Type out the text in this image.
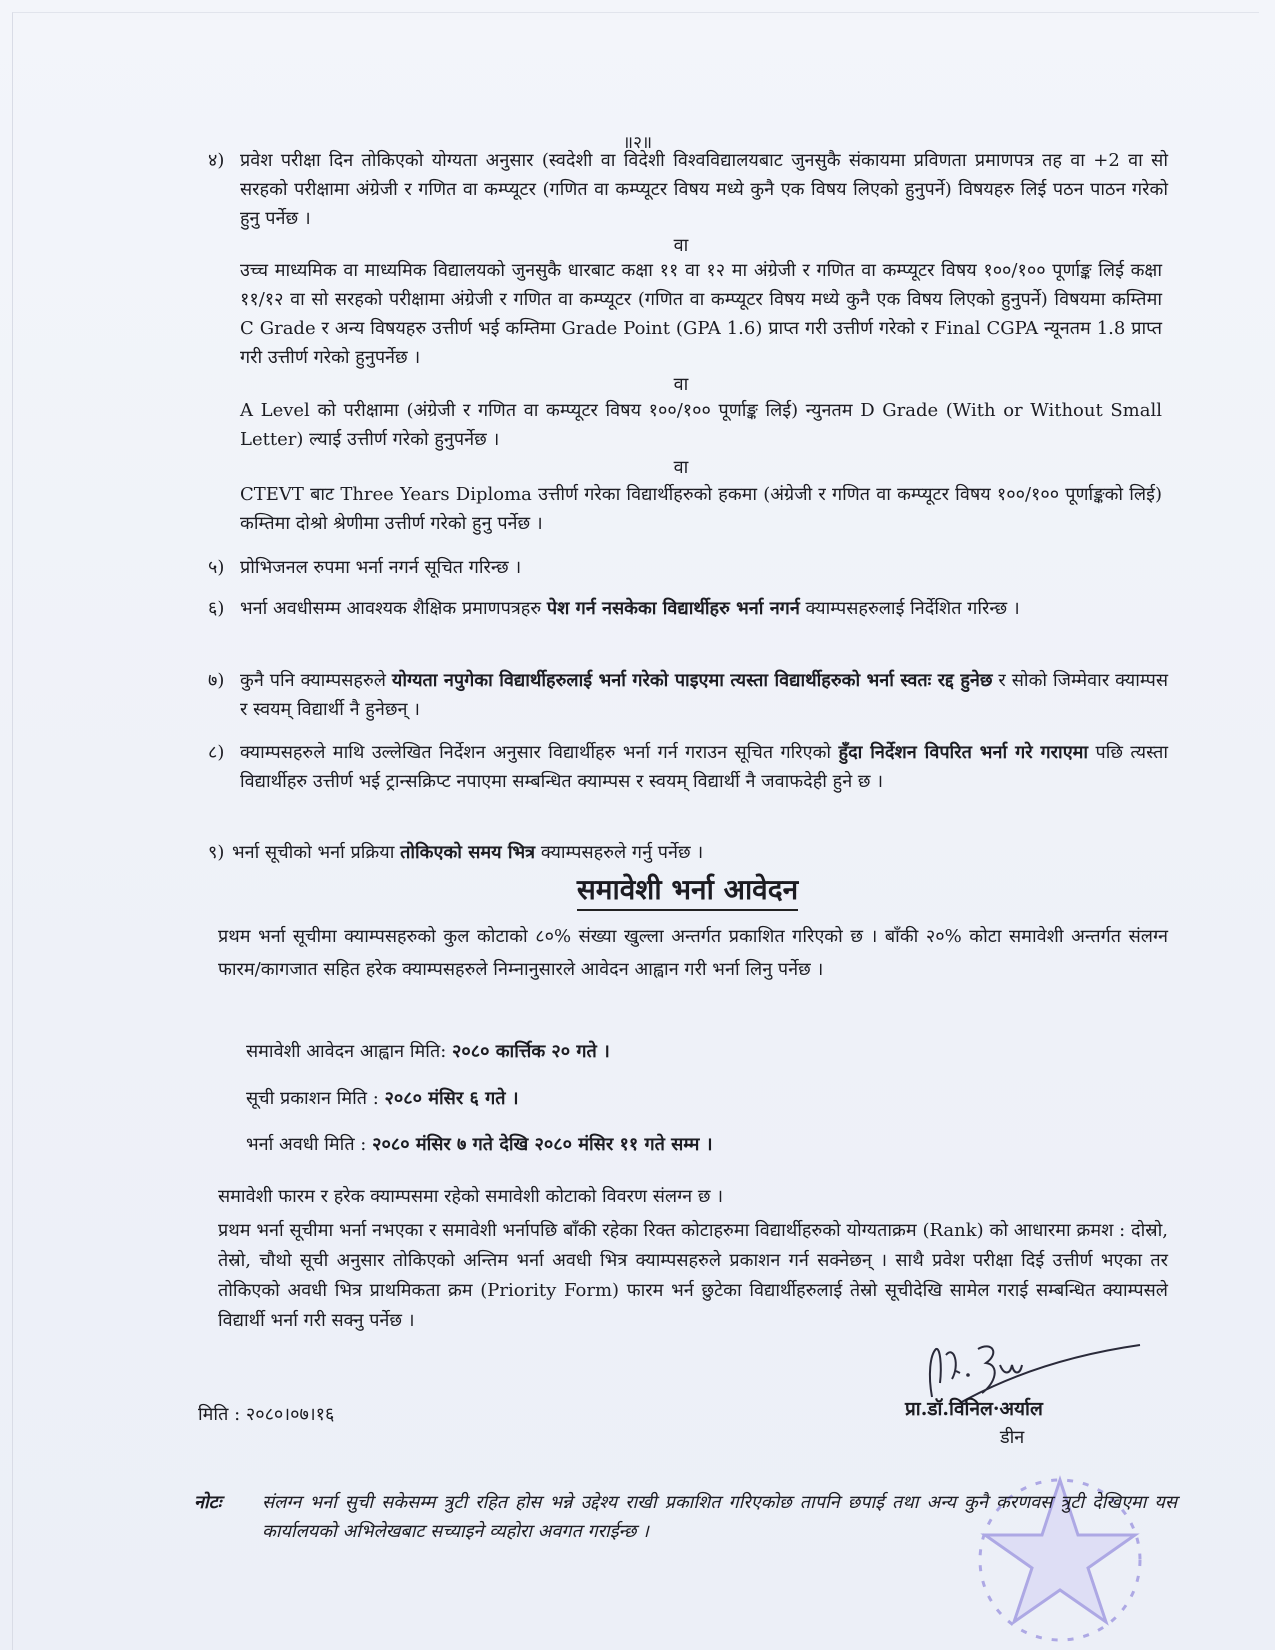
॥२॥
४) प्रवेश परीक्षा दिन तोकिएको योग्यता अनुसार (स्वदेशी वा विदेशी विश्वविद्यालयबाट जुनसुकै संकायमा प्रविणता प्रमाणपत्र तह वा +2 वा सो सरहको परीक्षामा अंग्रेजी र गणित वा कम्प्यूटर (गणित वा कम्प्यूटर विषय मध्ये कुनै एक विषय लिएको हुनुपर्ने) विषयहरु लिई पठन पाठन गरेको हुनु पर्नेछ ।
वा
उच्च माध्यमिक वा माध्यमिक विद्यालयको जुनसुकै धारबाट कक्षा ११ वा १२ मा अंग्रेजी र गणित वा कम्प्यूटर विषय १००/१०० पूर्णाङ्क लिई कक्षा ११/१२ वा सो सरहको परीक्षामा अंग्रेजी र गणित वा कम्प्यूटर (गणित वा कम्प्यूटर विषय मध्ये कुनै एक विषय लिएको हुनुपर्ने) विषयमा कम्तिमा C Grade र अन्य विषयहरु उत्तीर्ण भई कम्तिमा Grade Point (GPA 1.6) प्राप्त गरी उत्तीर्ण गरेको र Final CGPA न्यूनतम 1.8 प्राप्त गरी उत्तीर्ण गरेको हुनुपर्नेछ ।
वा
A Level को परीक्षामा (अंग्रेजी र गणित वा कम्प्यूटर विषय १००/१०० पूर्णाङ्क लिई) न्युनतम D Grade (With or Without Small Letter) ल्याई उत्तीर्ण गरेको हुनुपर्नेछ ।
वा
CTEVT बाट Three Years Diploma उत्तीर्ण गरेका विद्यार्थीहरुको हकमा (अंग्रेजी र गणित वा कम्प्यूटर विषय १००/१०० पूर्णाङ्कको लिई) कम्तिमा दोश्रो श्रेणीमा उत्तीर्ण गरेको हुनु पर्नेछ ।
५) प्रोभिजनल रुपमा भर्ना नगर्न सूचित गरिन्छ ।
६) भर्ना अवधीसम्म आवश्यक शैक्षिक प्रमाणपत्रहरु पेश गर्न नसकेका विद्यार्थीहरु भर्ना नगर्न क्याम्पसहरुलाई निर्देशित गरिन्छ ।
७) कुनै पनि क्याम्पसहरुले योग्यता नपुगेका विद्यार्थीहरुलाई भर्ना गरेको पाइएमा त्यस्ता विद्यार्थीहरुको भर्ना स्वतः रद्द हुनेछ र सोको जिम्मेवार क्याम्पस र स्वयम् विद्यार्थी नै हुनेछन् ।
८) क्याम्पसहरुले माथि उल्लेखित निर्देशन अनुसार विद्यार्थीहरु भर्ना गर्न गराउन सूचित गरिएको हुँदा निर्देशन विपरित भर्ना गरे गराएमा पछि त्यस्ता विद्यार्थीहरु उत्तीर्ण भई ट्रान्सक्रिप्ट नपाएमा सम्बन्धित क्याम्पस र स्वयम् विद्यार्थी नै जवाफदेही हुने छ ।
९) भर्ना सूचीको भर्ना प्रक्रिया तोकिएको समय भित्र क्याम्पसहरुले गर्नु पर्नेछ ।
समावेशी भर्ना आवेदन
प्रथम भर्ना सूचीमा क्याम्पसहरुको कुल कोटाको ८०% संख्या खुल्ला अन्तर्गत प्रकाशित गरिएको छ । बाँकी २०% कोटा समावेशी अन्तर्गत संलग्न फारम/कागजात सहित हरेक क्याम्पसहरुले निम्नानुसारले आवेदन आह्वान गरी भर्ना लिनु पर्नेछ ।
समावेशी आवेदन आह्वान मिति: २०८० कार्त्तिक २० गते ।
सूची प्रकाशन मिति : २०८० मंसिर ६ गते ।
भर्ना अवधी मिति : २०८० मंसिर ७ गते देखि २०८० मंसिर ११ गते सम्म ।
समावेशी फारम र हरेक क्याम्पसमा रहेको समावेशी कोटाको विवरण संलग्न छ ।
प्रथम भर्ना सूचीमा भर्ना नभएका र समावेशी भर्नापछि बाँकी रहेका रिक्त कोटाहरुमा विद्यार्थीहरुको योग्यताक्रम (Rank) को आधारमा क्रमश : दोस्रो, तेस्रो, चौथो सूची अनुसार तोकिएको अन्तिम भर्ना अवधी भित्र क्याम्पसहरुले प्रकाशन गर्न सक्नेछन् । साथै प्रवेश परीक्षा दिई उत्तीर्ण भएका तर तोकिएको अवधी भित्र प्राथमिकता क्रम (Priority Form) फारम भर्न छुटेका विद्यार्थीहरुलाई तेस्रो सूचीदेखि सामेल गराई सम्बन्धित क्याम्पसले विद्यार्थी भर्ना गरी सक्नु पर्नेछ ।
मिति : २०८०।०७।१६	प्रा.डॉ.विनिल·अर्याल
डीन
नोटः संलग्न भर्ना सुची सकेसम्म त्रुटी रहित होस भन्ने उद्देश्य राखी प्रकाशित गरिएकोछ तापनि छपाई तथा अन्य कुनै करणवस त्रुटी देखिएमा यस कार्यालयको अभिलेखबाट सच्याइने व्यहोरा अवगत गराईन्छ ।
